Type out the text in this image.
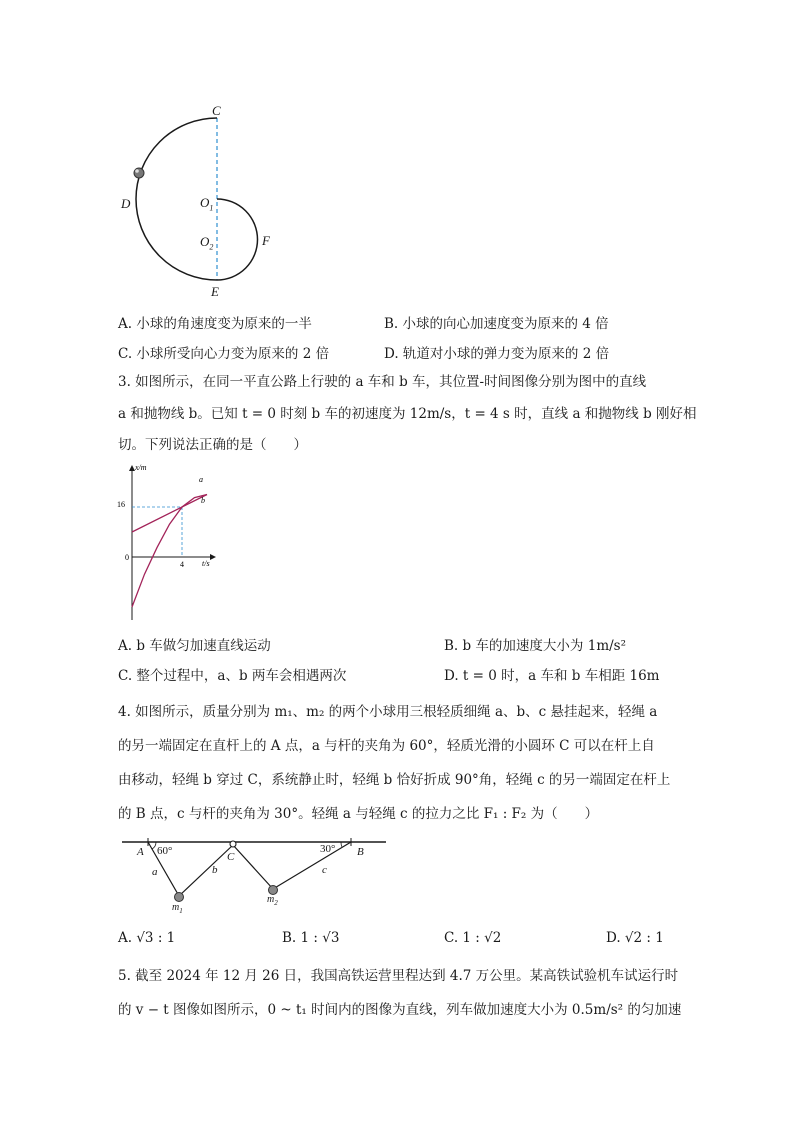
C
D	$O_1$
$O_2$	F
E
A. 小球的角速度变为原来的一半	B. 小球的向心加速度变为原来的 4 倍
C. 小球所受向心力变为原来的 2 倍	D. 轨道对小球的弹力变为原来的 2 倍
3. 如图所示，在同一平直公路上行驶的 a 车和 b 车，其位置-时间图像分别为图中的直线
a 和抛物线 b。已知 t = 0 时刻 b 车的初速度为 12m/s，t = 4 s 时，直线 a 和抛物线 b 刚好相
切。下列说法正确的是（　　）
x/m
t/s
0
16
4
a
b
A. b 车做匀加速直线运动	B. b 车的加速度大小为 1m/s²
C. 整个过程中，a、b 两车会相遇两次	D. t = 0 时，a 车和 b 车相距 16m
4. 如图所示，质量分别为 m₁、m₂ 的两个小球用三根轻质细绳 a、b、c 悬挂起来，轻绳 a
的另一端固定在直杆上的 A 点，a 与杆的夹角为 60°，轻质光滑的小圆环 C 可以在杆上自
由移动，轻绳 b 穿过 C，系统静止时，轻绳 b 恰好折成 90°角，轻绳 c 的另一端固定在杆上
的 B 点，c 与杆的夹角为 30°。轻绳 a 与轻绳 c 的拉力之比 F₁ : F₂ 为（　　）
A 60°	C
30° B
a	b	c
$m_1$
$m_2$
A. √3 : 1	B. 1 : √3	C. 1 : √2	D. √2 : 1
5. 截至 2024 年 12 月 26 日，我国高铁运营里程达到 4.7 万公里。某高铁试验机车试运行时
的 v − t 图像如图所示，0 ~ t₁ 时间内的图像为直线，列车做加速度大小为 0.5m/s² 的匀加速
